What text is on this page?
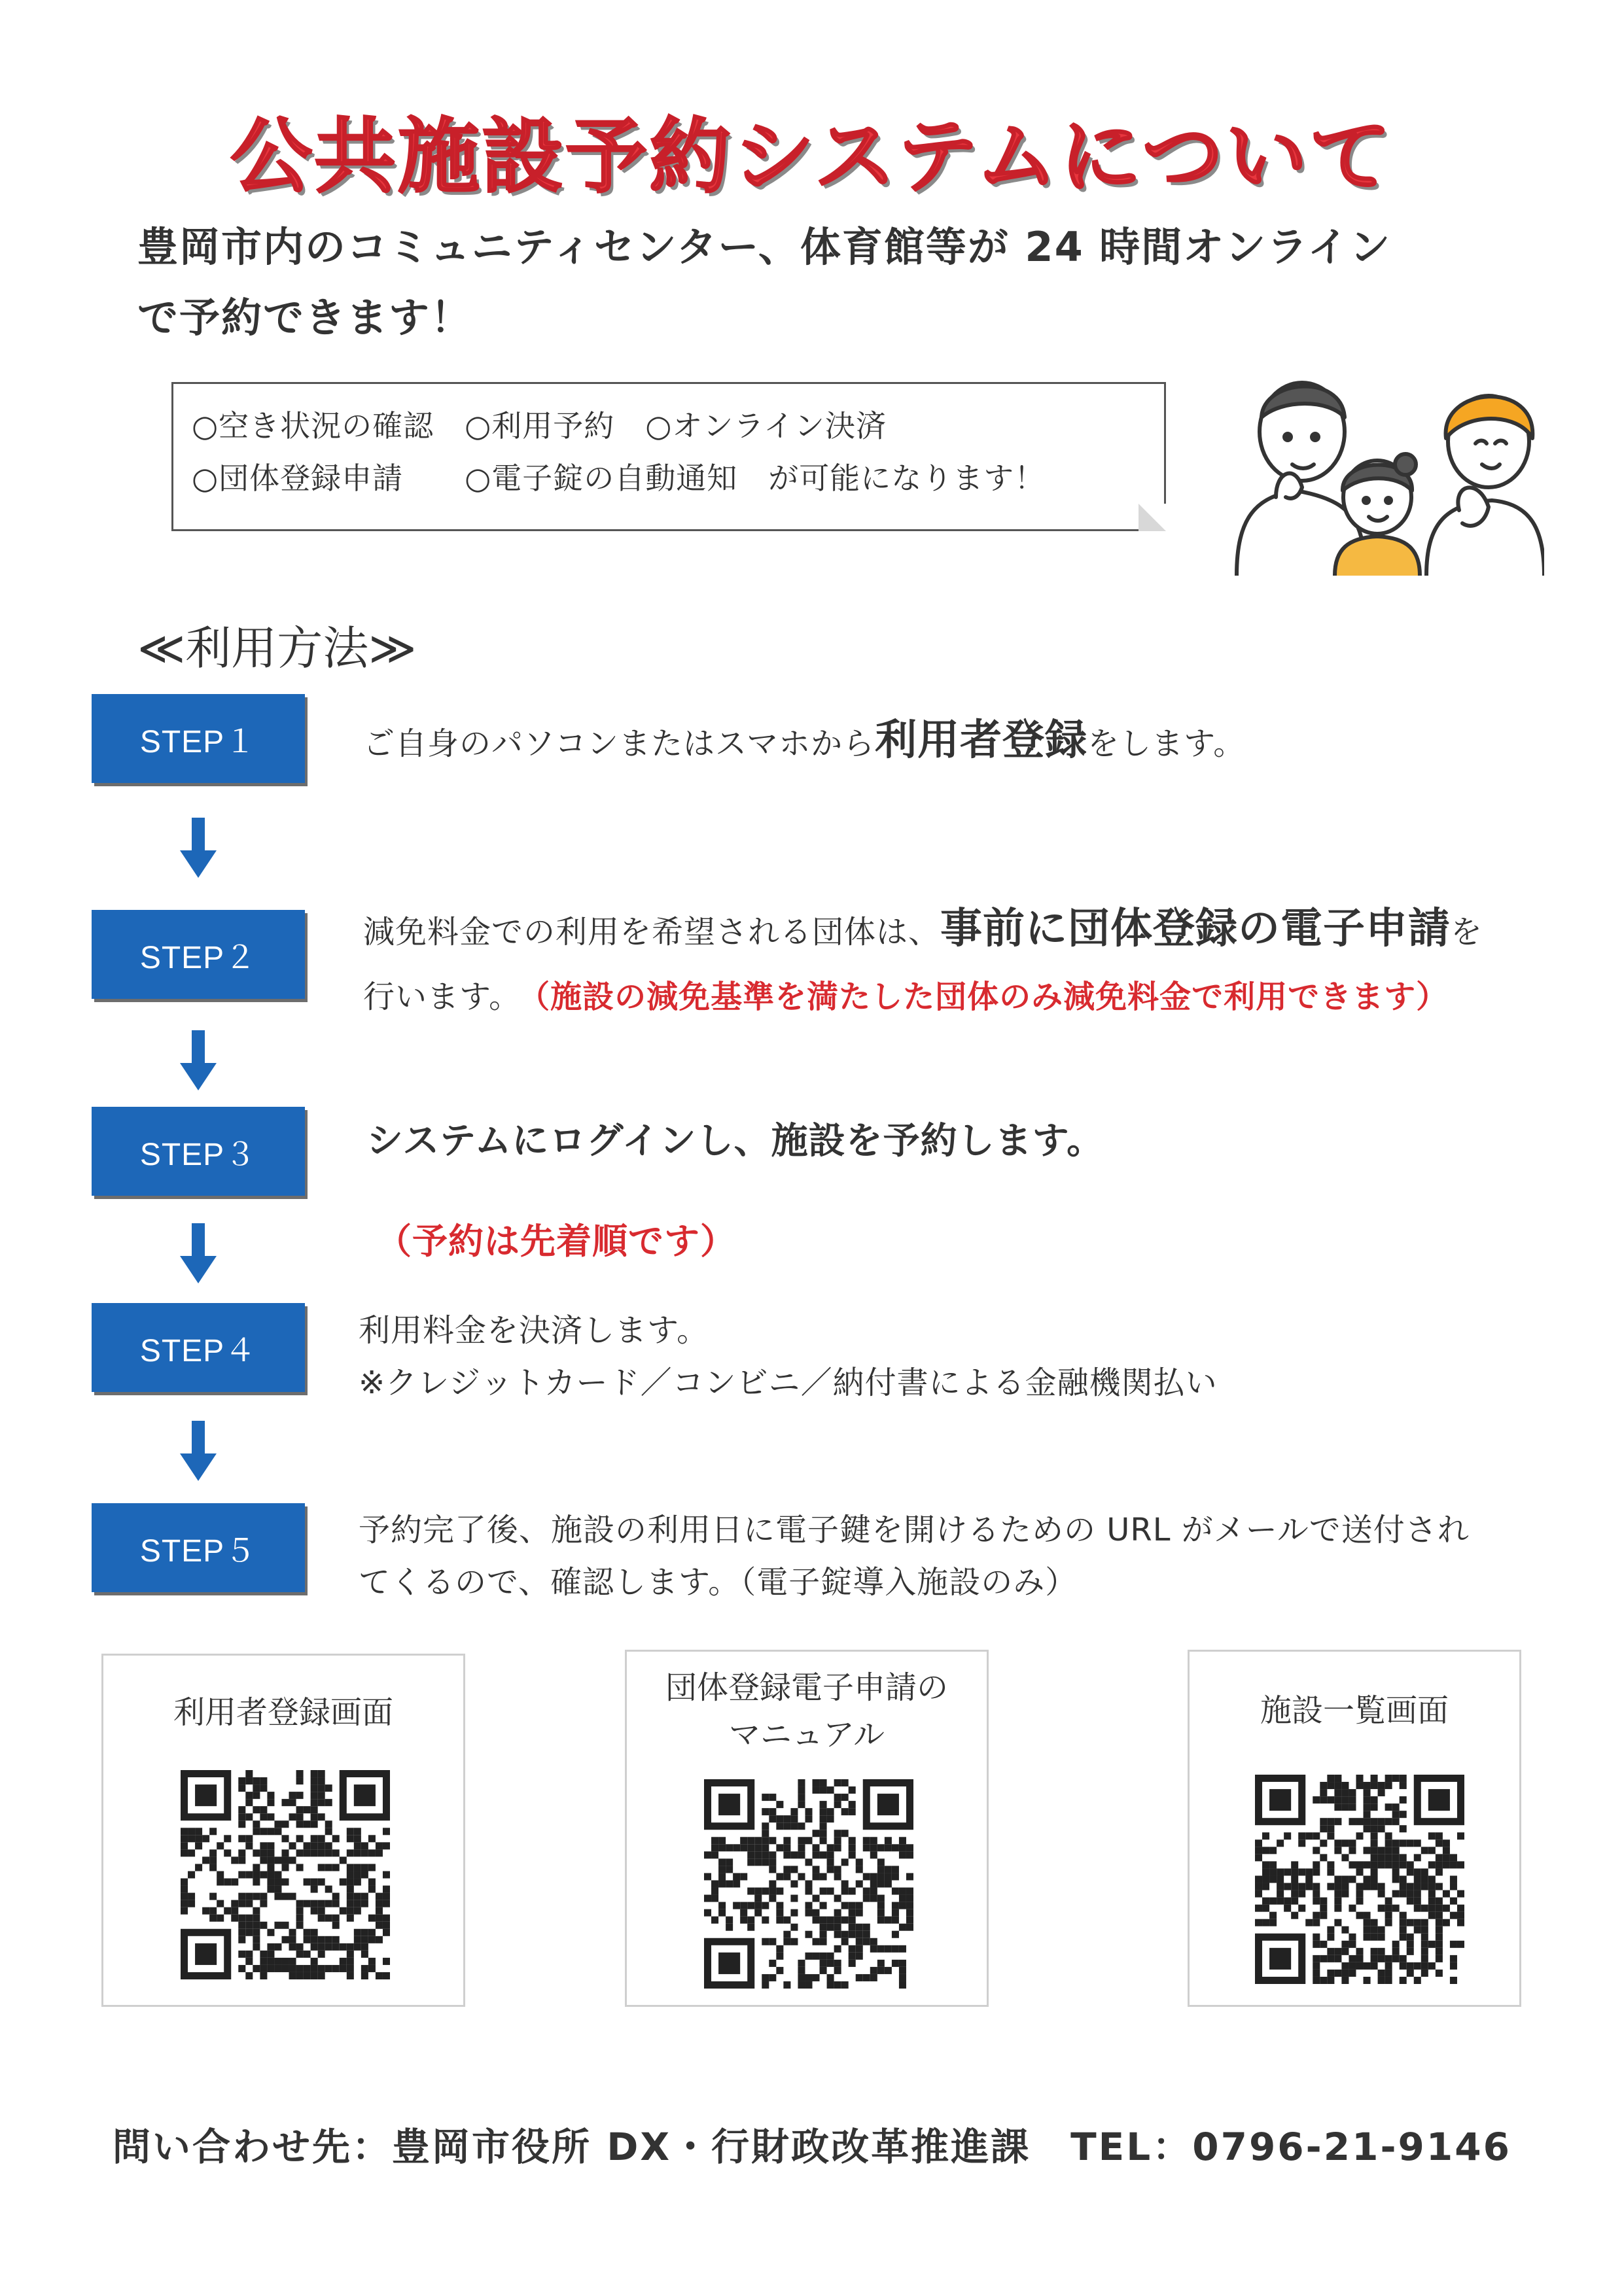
公共施設予約システムについて
豊岡市内のコミュニティセンター、体育館等が 24 時間オンライン
で予約できます！
○空き状況の確認　○利用予約　○オンライン決済
○団体登録申請　　○電子錠の自動通知　が可能になります！
≪利用方法≫
STEP１	ご自身のパソコンまたはスマホから利用者登録をします。
STEP２
減免料金での利用を希望される団体は、事前に団体登録の電子申請を
行います。 （施設の減免基準を満たした団体のみ減免料金で利用できます）
STEP３	システムにログインし、施設を予約します。
（予約は先着順です）
STEP４
利用料金を決済します。
※クレジットカード／コンビニ／納付書による金融機関払い
STEP５
予約完了後、施設の利用日に電子鍵を開けるための URL がメールで送付され
てくるので、確認します。（電子錠導入施設のみ）
利用者登録画面
団体登録電子申請の
マニュアル
施設一覧画面
問い合わせ先：豊岡市役所 DX・行財政改革推進課　TEL：0796-21-9146
